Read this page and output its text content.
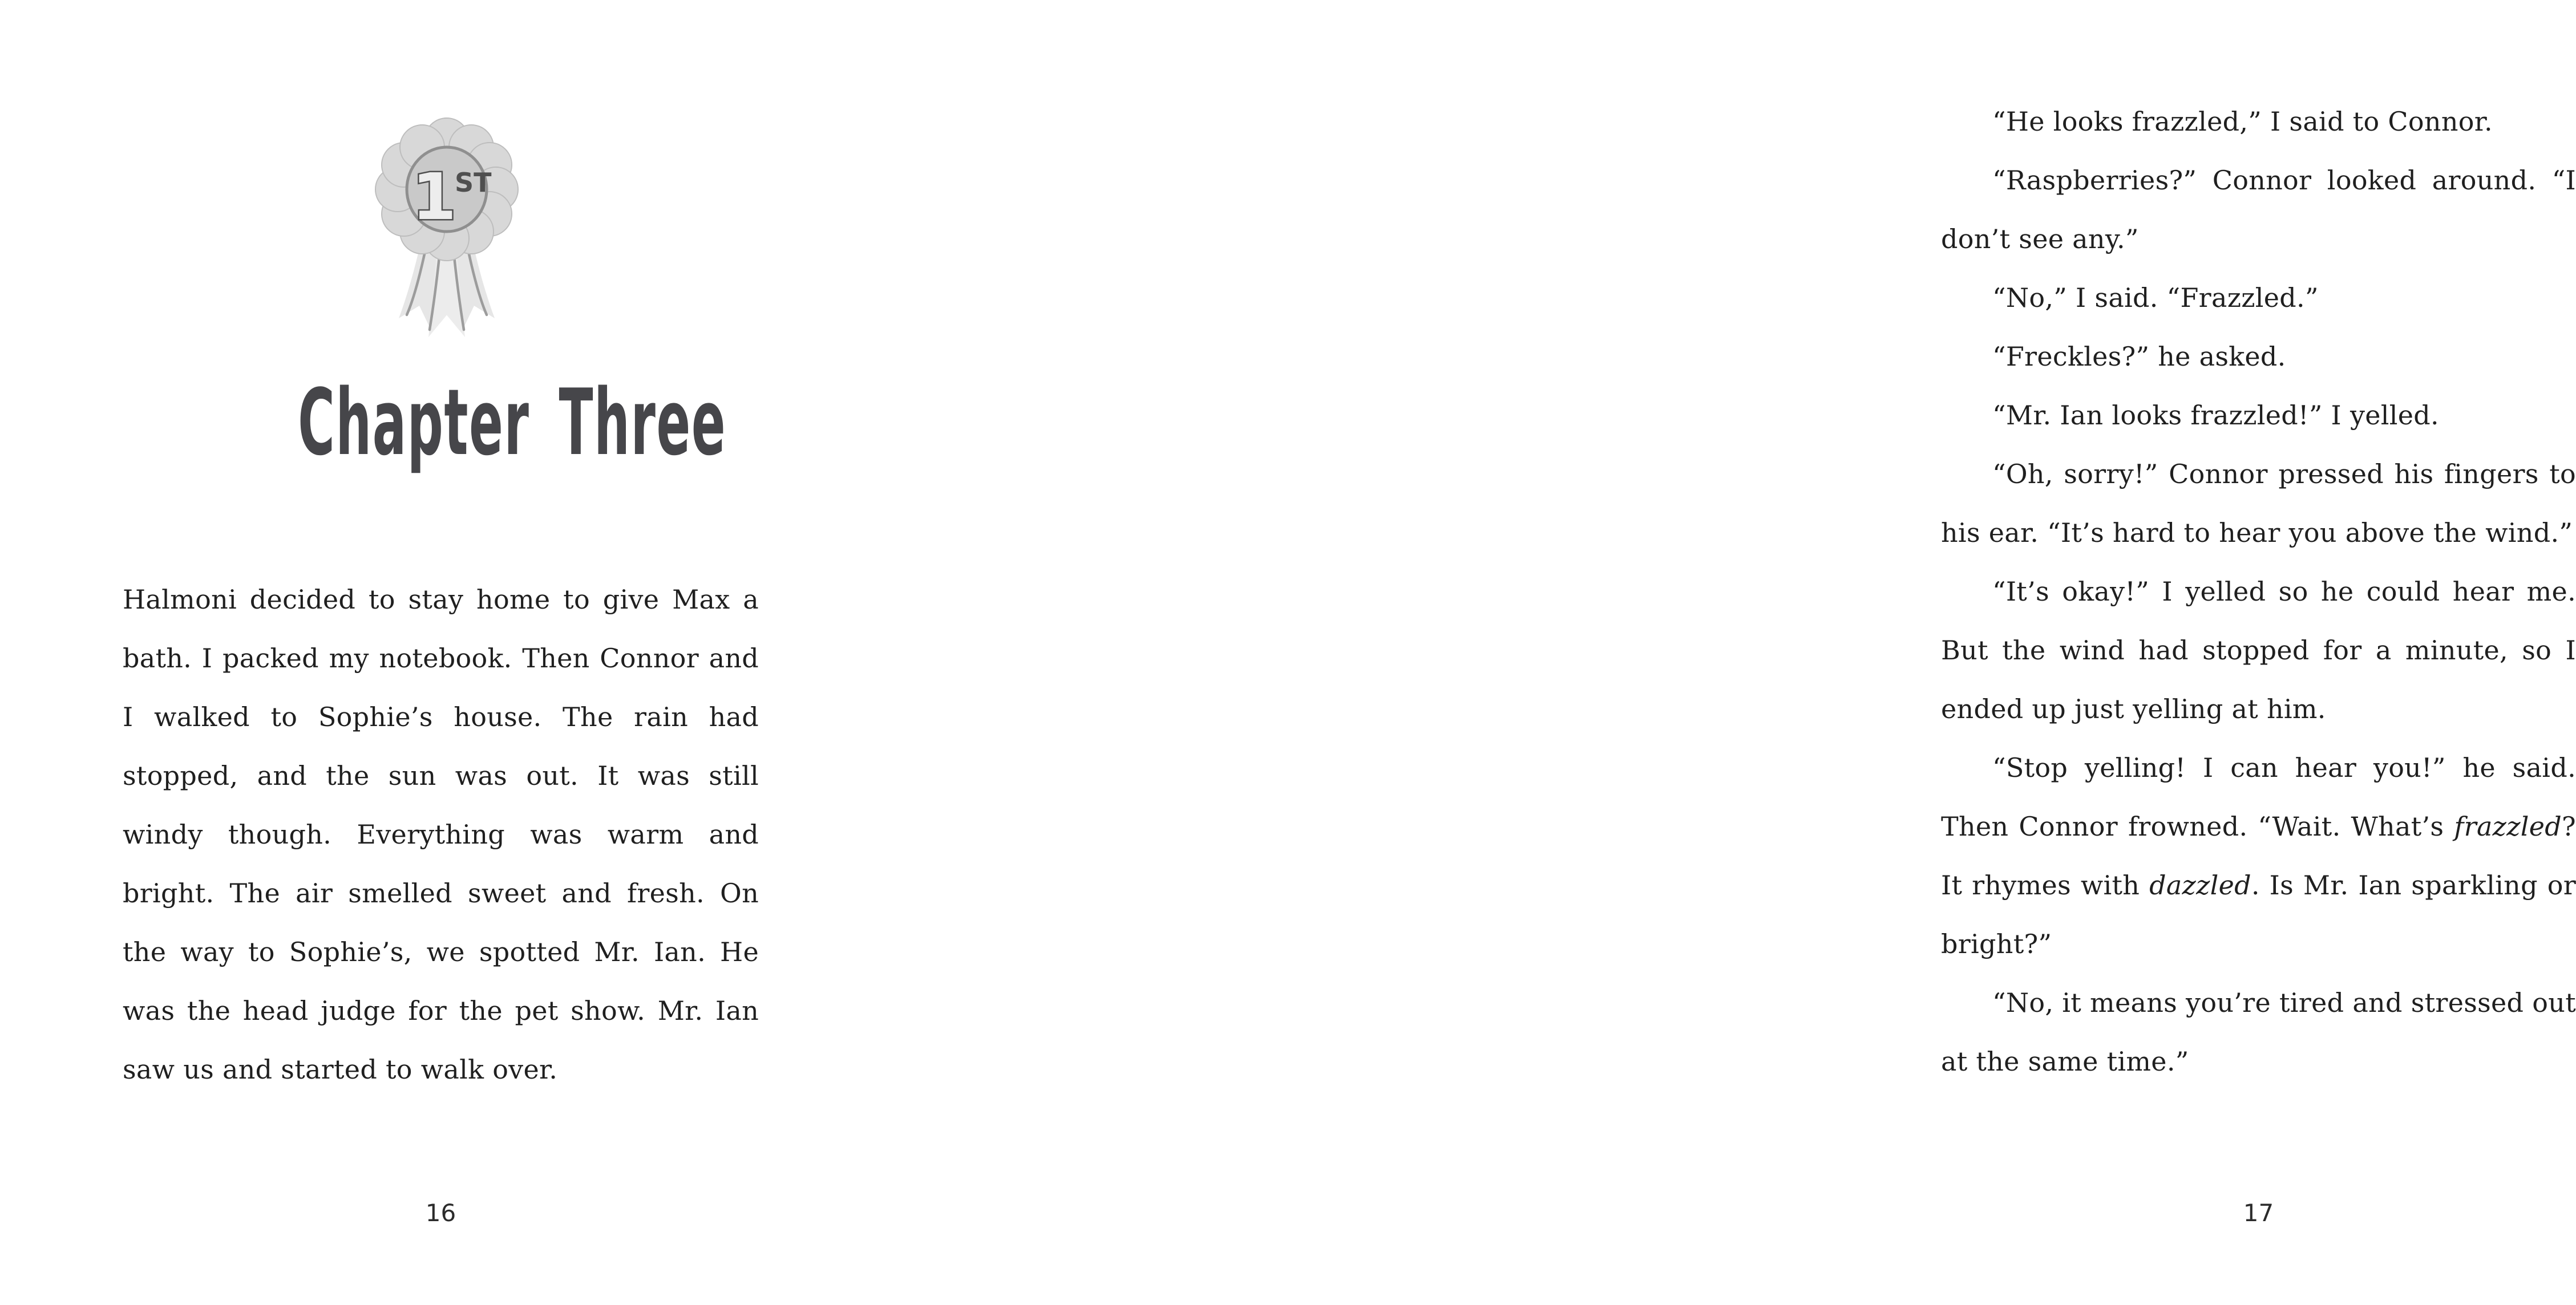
1
ST
Chapter Three

Halmoni decided to stay home to give Max a bath. I packed my notebook. Then Connor and I walked to Sophie’s house. The rain had stopped, and the sun was out. It was still windy though. Everything was warm and bright. The air smelled sweet and fresh. On the way to Sophie’s, we spotted Mr. Ian. He was the head judge for the pet show. Mr. Ian saw us and started to walk over.

16

“He looks frazzled,” I said to Connor.

“Raspberries?” Connor looked around. “I don’t see any.”

“No,” I said. “Frazzled.”

“Freckles?” he asked.

“Mr. Ian looks frazzled!” I yelled.

“Oh, sorry!” Connor pressed his fingers to his ear. “It’s hard to hear you above the wind.”

“It’s okay!” I yelled so he could hear me. But the wind had stopped for a minute, so I ended up just yelling at him.

“Stop yelling! I can hear you!” he said. Then Connor frowned. “Wait. What’s frazzled? It rhymes with dazzled. Is Mr. Ian sparkling or bright?”

“No, it means you’re tired and stressed out at the same time.”

17
